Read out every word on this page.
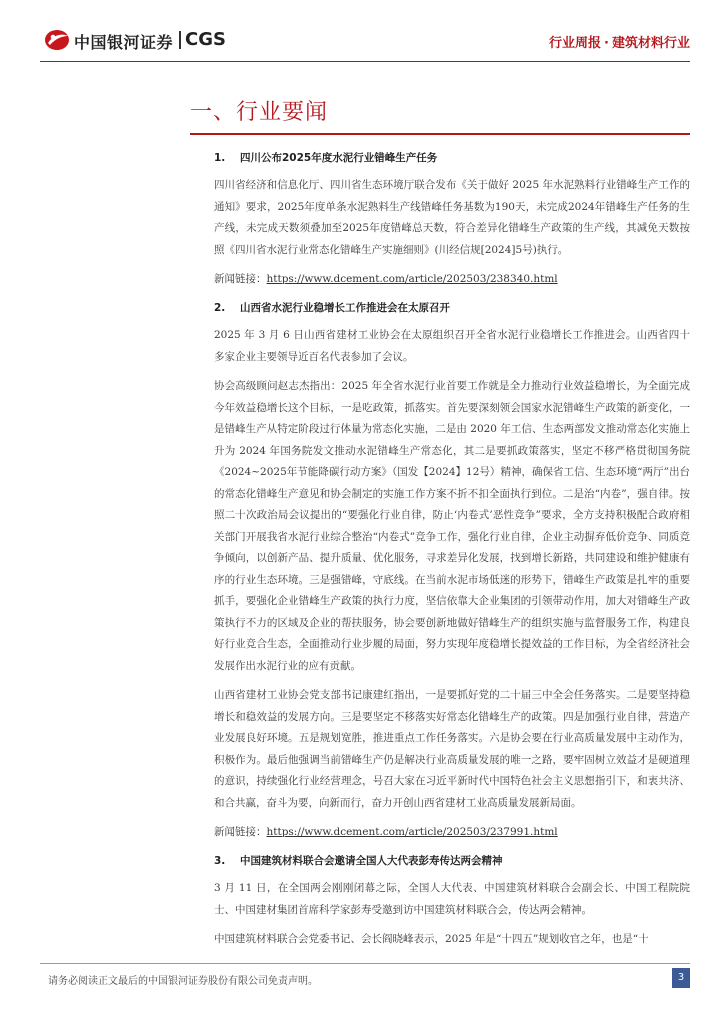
中国银河证券 CGS	行业周报 · 建筑材料行业
一、行业要闻
1. 四川公布2025年度水泥行业错峰生产任务

四川省经济和信息化厅、四川省生态环境厅联合发布《关于做好 2025 年水泥熟料行业错峰生产工作的通知》要求，2025年度单条水泥熟料生产线错峰任务基数为190天，未完成2024年错峰生产任务的生产线，未完成天数须叠加至2025年度错峰总天数，符合差异化错峰生产政策的生产线，其减免天数按照《四川省水泥行业常态化错峰生产实施细则》(川经信规[2024]5号)执行。

新闻链接：https://www.dcement.com/article/202503/238340.html
2. 山西省水泥行业稳增长工作推进会在太原召开

2025 年 3 月 6 日山西省建材工业协会在太原组织召开全省水泥行业稳增长工作推进会。山西省四十多家企业主要领导近百名代表参加了会议。

协会高级顾问赵志杰指出：2025 年全省水泥行业首要工作就是全力推动行业效益稳增长，为全面完成今年效益稳增长这个目标，一是吃政策，抓落实。首先要深刻领会国家水泥错峰生产政策的新变化，一是错峰生产从特定阶段过行体量为常态化实施，二是由 2020 年工信、生态两部发文推动常态化实施上升为 2024 年国务院发文推动水泥错峰生产常态化，其二是要抓政策落实，坚定不移严格贯彻国务院《2024~2025年节能降碳行动方案》（国发【2024】12号）精神，确保省工信、生态环境“两厅”出台的常态化错峰生产意见和协会制定的实施工作方案不折不扣全面执行到位。二是治“内卷”，强自律。按照二十次政治局会议提出的“要强化行业自律，防止‘内卷式’恶性竞争”要求，全方支持积极配合政府相关部门开展我省水泥行业综合整治“内卷式”竞争工作，强化行业自律，企业主动摒弃低价竞争、同质竞争倾向，以创新产品、提升质量、优化服务，寻求差异化发展，找到增长新路，共同建设和维护健康有序的行业生态环境。三是强错峰，守底线。在当前水泥市场低迷的形势下，错峰生产政策是扎牢的重要抓手，要强化企业错峰生产政策的执行力度，坚信依靠大企业集团的引领带动作用，加大对错峰生产政策执行不力的区域及企业的帮扶服务，协会要创新地做好错峰生产的组织实施与监督服务工作，构建良好行业竞合生态，全面推动行业步履的局面，努力实现年度稳增长提效益的工作目标，为全省经济社会发展作出水泥行业的应有贡献。

山西省建材工业协会党支部书记康建红指出，一是要抓好党的二十届三中全会任务落实。二是要坚持稳增长和稳效益的发展方向。三是要坚定不移落实好常态化错峰生产的政策。四是加强行业自律，营造产业发展良好环境。五是规划宽胜，推进重点工作任务落实。六是协会要在行业高质量发展中主动作为，积极作为。最后他强调当前错峰生产仍是解决行业高质量发展的唯一之路，要牢固树立效益才是硬道理的意识，持续强化行业经营理念，号召大家在习近平新时代中国特色社会主义思想指引下，和衷共济、和合共赢，奋斗为要，向新而行，奋力开创山西省建材工业高质量发展新局面。

新闻链接：https://www.dcement.com/article/202503/237991.html
3. 中国建筑材料联合会邀请全国人大代表彭寿传达两会精神

3 月 11 日，在全国两会刚刚闭幕之际，全国人大代表、中国建筑材料联合会副会长、中国工程院院士、中国建材集团首席科学家彭寿受邀到访中国建筑材料联合会，传达两会精神。

中国建筑材料联合会党委书记、会长阎晓峰表示，2025 年是“十四五”规划收官之年，也是“十

请务必阅读正文最后的中国银河证券股份有限公司免责声明。	3
